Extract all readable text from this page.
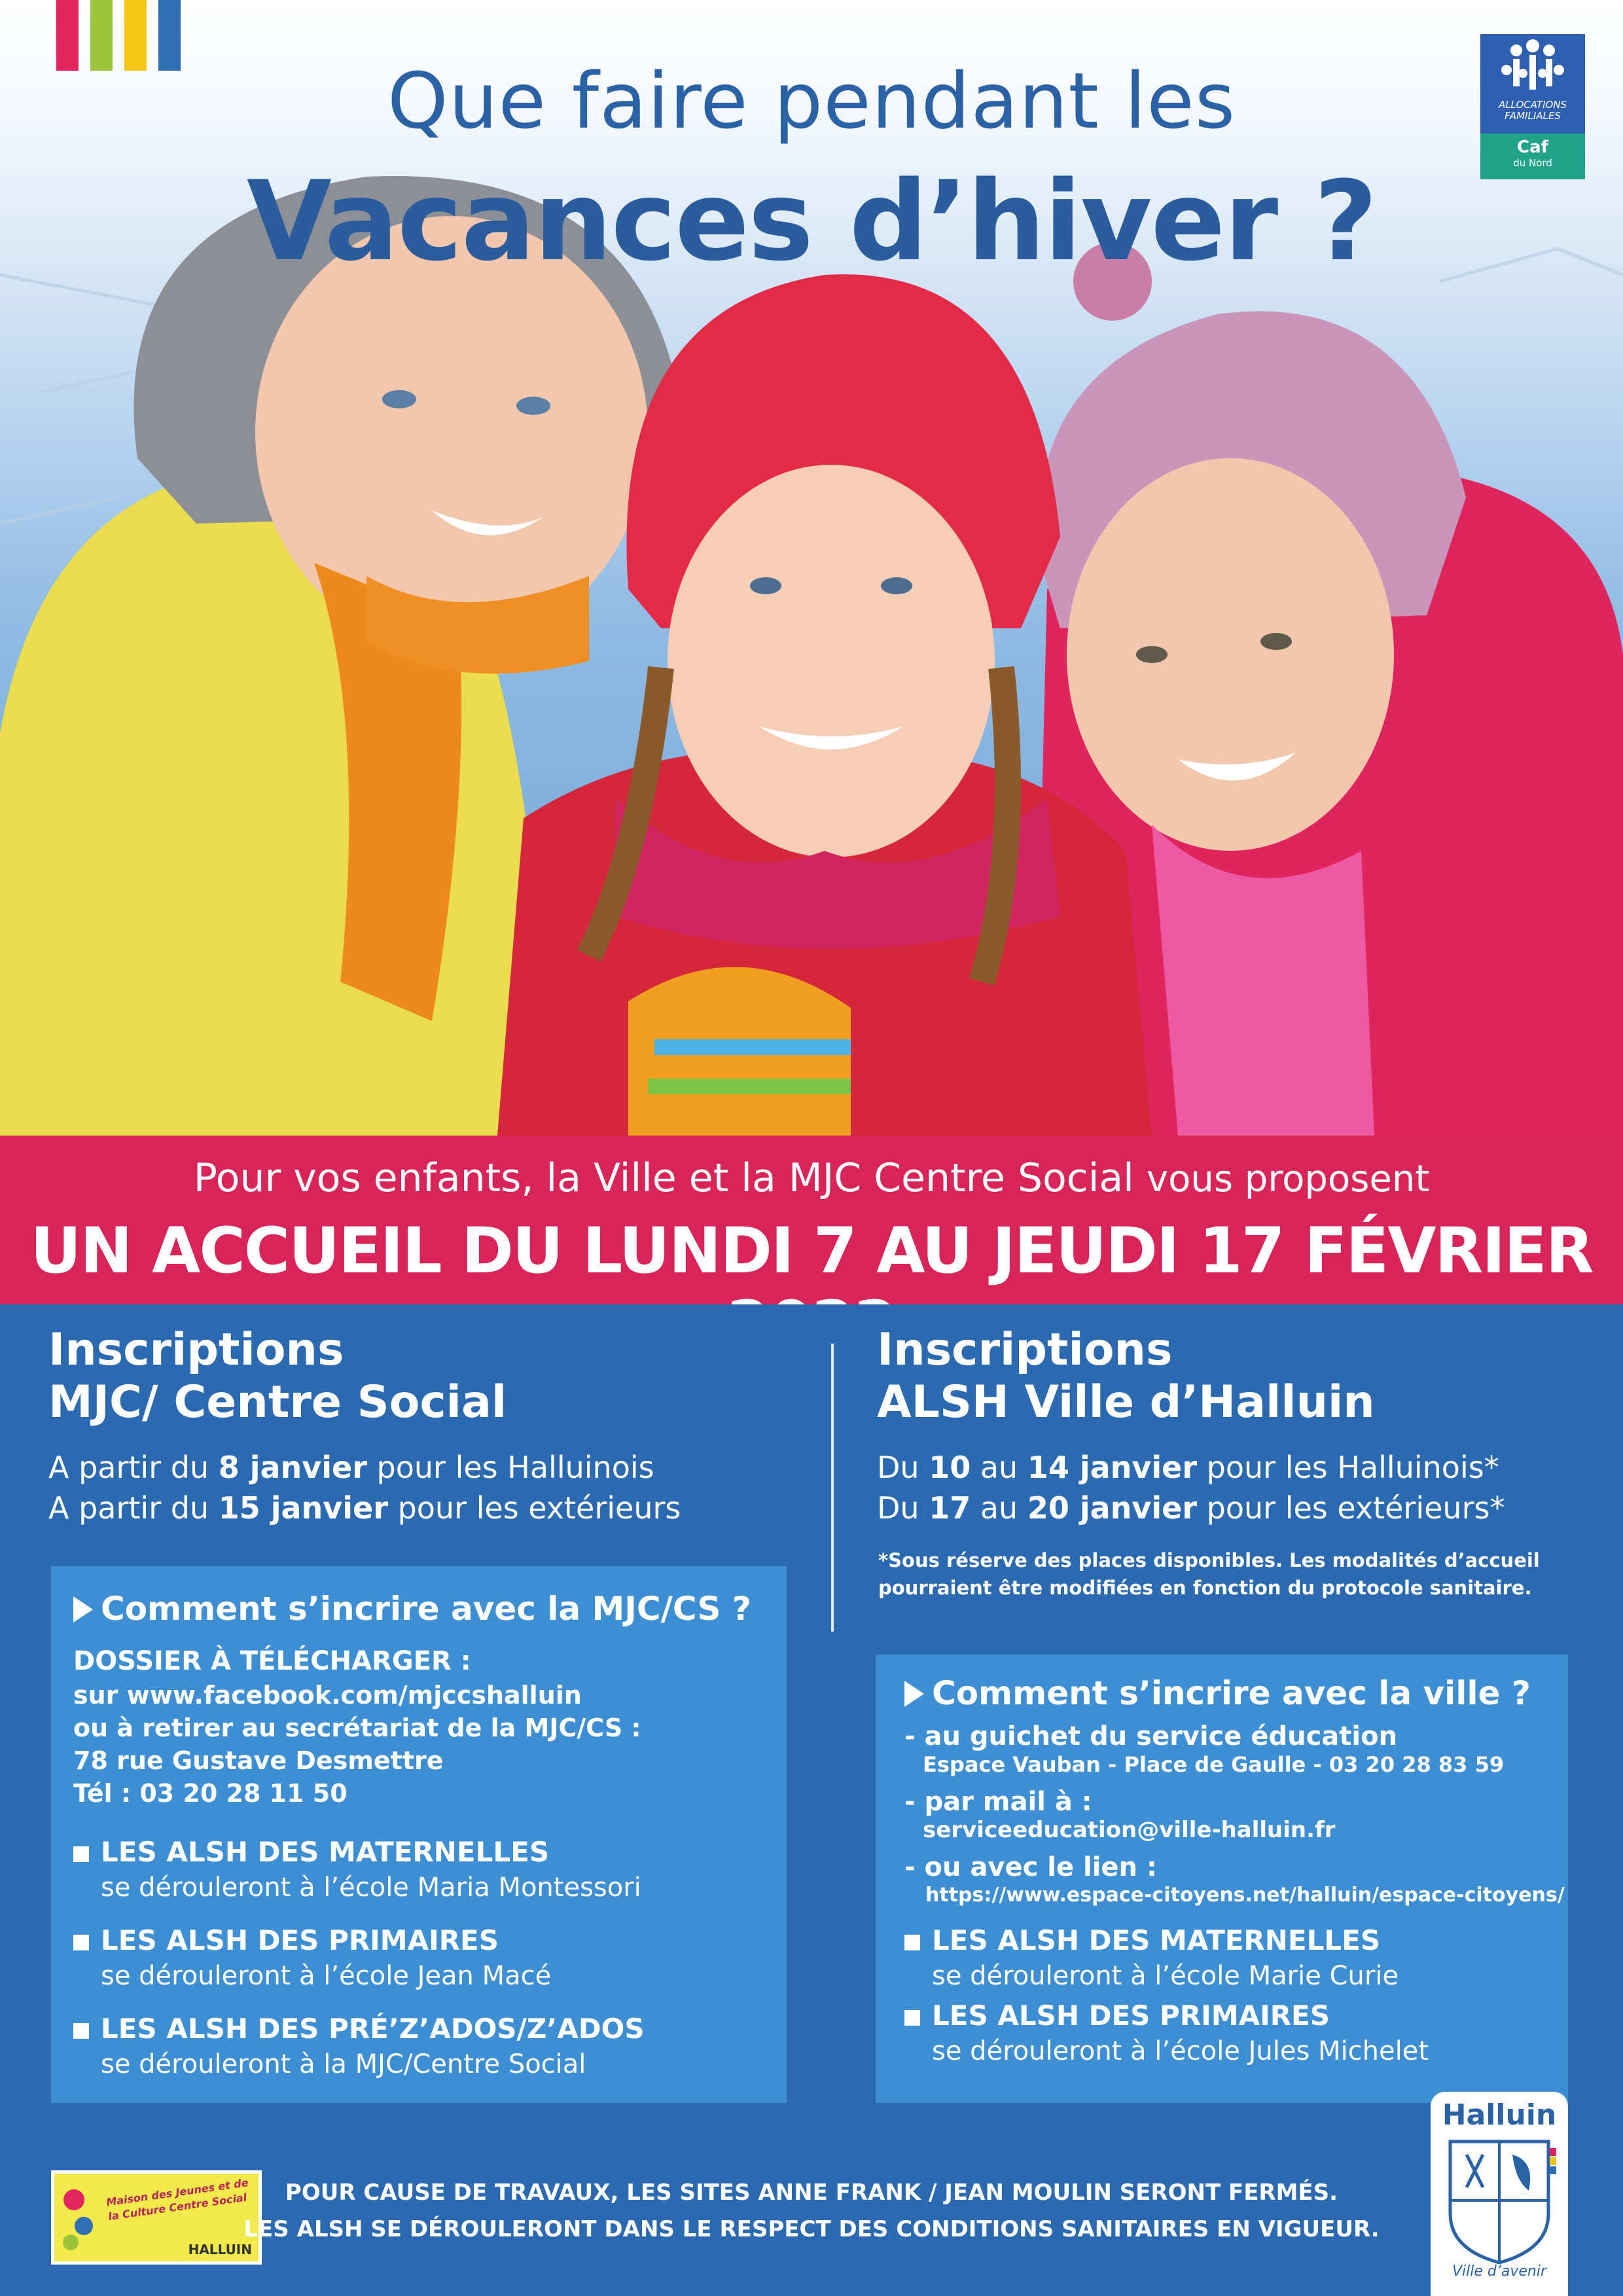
Que faire pendant les
Vacances d’hiver ?
ALLOCATIONS
FAMILIALES
Caf
du Nord
Pour vos enfants, la Ville et la MJC Centre Social vous proposent
UN ACCUEIL DU LUNDI 7 AU JEUDI 17 FÉVRIER
Inscriptions
MJC/ Centre Social
A partir du 8 janvier pour les Halluinois
A partir du 15 janvier pour les extérieurs
Comment s’incrire avec la MJC/CS ?
DOSSIER À TÉLÉCHARGER :
sur www.facebook.com/mjccshalluin
ou à retirer au secrétariat de la MJC/CS :
78 rue Gustave Desmettre
Tél : 03 20 28 11 50
LES ALSH DES MATERNELLES
se dérouleront à l’école Maria Montessori
LES ALSH DES PRIMAIRES
se dérouleront à l’école Jean Macé
LES ALSH DES PRÉ’Z’ADOS/Z’ADOS
se dérouleront à la MJC/Centre Social
Inscriptions
ALSH Ville d’Halluin
Du 10 au 14 janvier pour les Halluinois*
Du 17 au 20 janvier pour les extérieurs*
*Sous réserve des places disponibles. Les modalités d’accueil
pourraient être modifiées en fonction du protocole sanitaire.
Comment s’incrire avec la ville ?
- au guichet du service éducation
Espace Vauban - Place de Gaulle - 03 20 28 83 59
- par mail à :
serviceeducation@ville-halluin.fr
- ou avec le lien :
https://www.espace-citoyens.net/halluin/espace-citoyens/
LES ALSH DES MATERNELLES
se dérouleront à l’école Marie Curie
LES ALSH DES PRIMAIRES
se dérouleront à l’école Jules Michelet
Maison des Jeunes et de la Culture Centre Social
HALLUIN
POUR CAUSE DE TRAVAUX, LES SITES ANNE FRANK / JEAN MOULIN SERONT FERMÉS.
LES ALSH SE DÉROULERONT DANS LE RESPECT DES CONDITIONS SANITAIRES EN VIGUEUR.
Halluin
Ville d’avenir
